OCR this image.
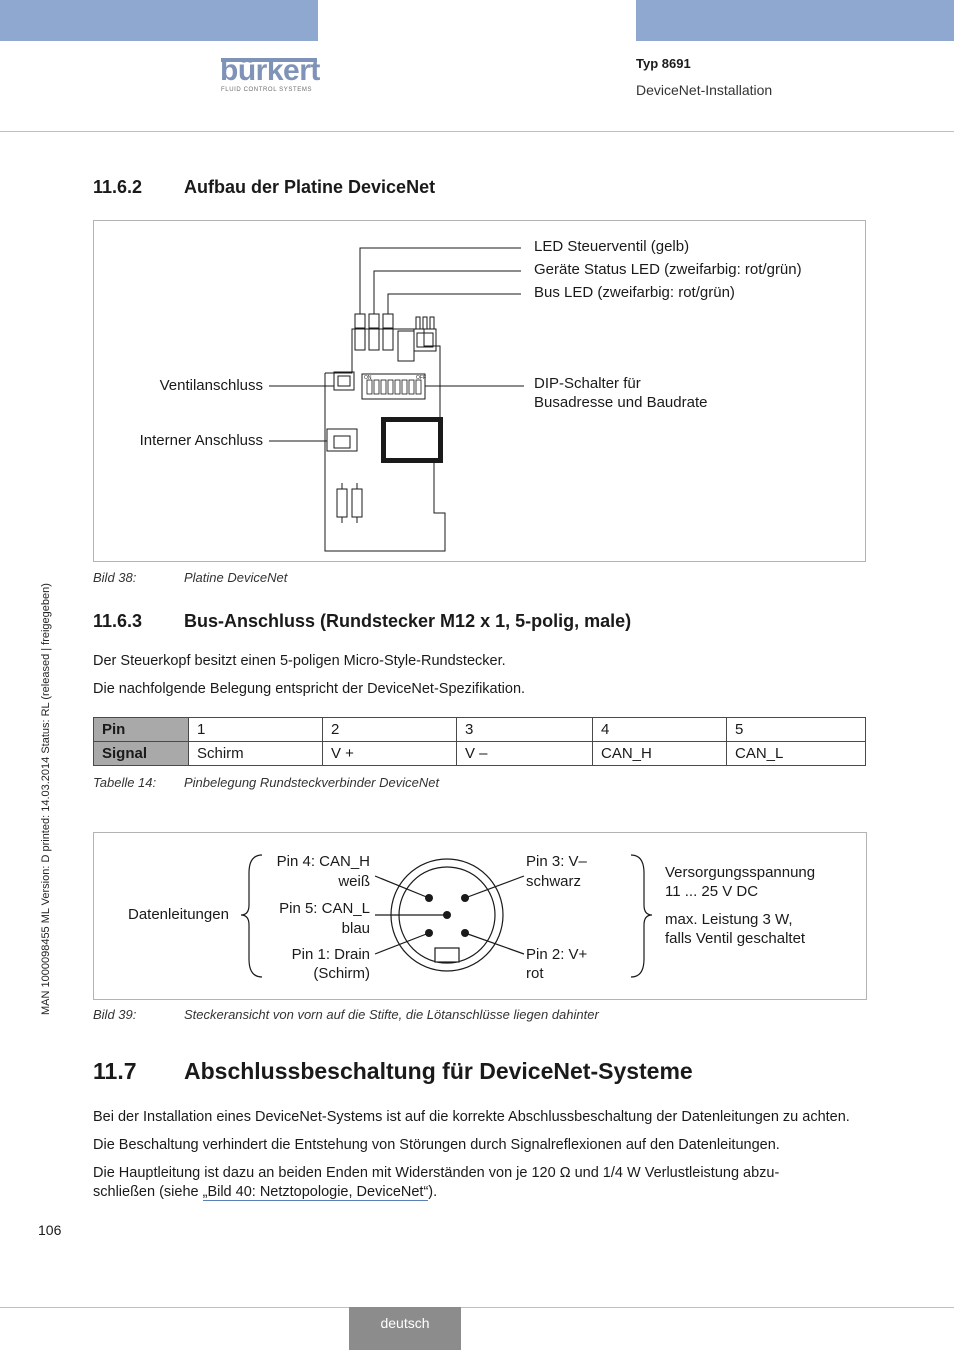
bürkert
FLUID CONTROL SYSTEMS
Typ 8691
DeviceNet-Installation
MAN 1000098455 ML Version: D printed: 14.03.2014 Status: RL (released | freigegeben)
11.6.2 Aufbau der Platine DeviceNet
ON	OFF
LED Steuerventil (gelb)
Geräte Status LED (zweifarbig: rot/grün)
Bus LED (zweifarbig: rot/grün)
DIP-Schalter für
Busadresse und Baudrate
Ventilanschluss
Interner Anschluss
Bild 38:	Platine DeviceNet
11.6.3 Bus-Anschluss (Rundstecker M12 x 1, 5-polig, male)
Der Steuerkopf besitzt einen 5-poligen Micro-Style-Rundstecker.
Die nachfolgende Belegung entspricht der DeviceNet-Spezifikation.
Pin	1	2	3	4	5
Signal	Schirm	V +	V –	CAN_H	CAN_L
Tabelle 14: Pinbelegung Rundsteckverbinder DeviceNet
Datenleitungen
Pin 4: CAN_H
weiß
Pin 5: CAN_L
blau
Pin 1: Drain
(Schirm)
Pin 3: V–
schwarz
Pin 2: V+
rot
Versorgungsspannung
11 ... 25 V DC
max. Leistung 3 W,
falls Ventil geschaltet
Bild 39:	Steckeransicht von vorn auf die Stifte, die Lötanschlüsse liegen dahinter
11.7 Abschlussbeschaltung für DeviceNet-Systeme
Bei der Installation eines DeviceNet-Systems ist auf die korrekte Abschlussbeschaltung der Datenleitungen zu achten.
Die Beschaltung verhindert die Entstehung von Störungen durch Signalreflexionen auf den Datenleitungen.
Die Hauptleitung ist dazu an beiden Enden mit Widerständen von je 120 Ω und 1/4 W Verlustleistung abzu-
schließen (siehe „Bild 40: Netztopologie, DeviceNet“).
106
deutsch
